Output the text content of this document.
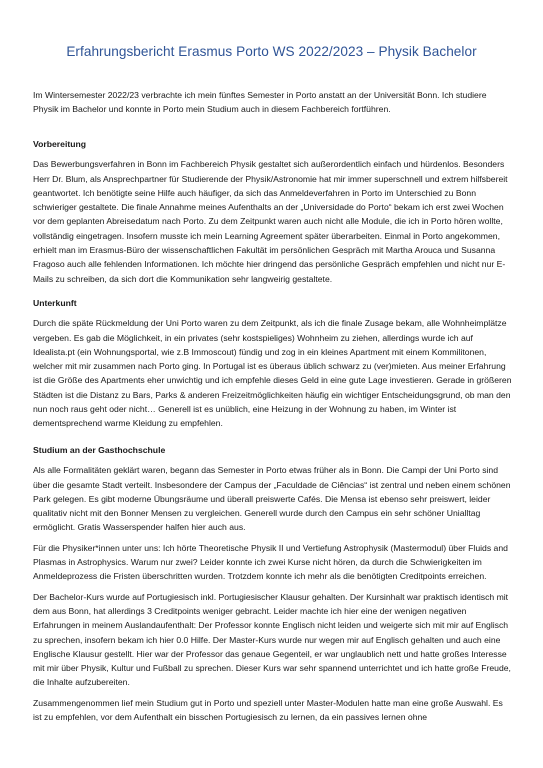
Erfahrungsbericht Erasmus Porto WS 2022/2023 – Physik Bachelor

Im Wintersemester 2022/23 verbrachte ich mein fünftes Semester in Porto anstatt an der Universität Bonn. Ich studiere Physik im Bachelor und konnte in Porto mein Studium auch in diesem Fachbereich fortführen.

Vorbereitung

Das Bewerbungsverfahren in Bonn im Fachbereich Physik gestaltet sich außerordentlich einfach und hürdenlos. Besonders Herr Dr. Blum, als Ansprechpartner für Studierende der Physik/Astronomie hat mir immer superschnell und extrem hilfsbereit geantwortet. Ich benötigte seine Hilfe auch häufiger, da sich das Anmeldeverfahren in Porto im Unterschied zu Bonn schwieriger gestaltete. Die finale Annahme meines Aufenthalts an der „Universidade do Porto“ bekam ich erst zwei Wochen vor dem geplanten Abreisedatum nach Porto. Zu dem Zeitpunkt waren auch nicht alle Module, die ich in Porto hören wollte, vollständig eingetragen. Insofern musste ich mein Learning Agreement später überarbeiten. Einmal in Porto angekommen, erhielt man im Erasmus-Büro der wissenschaftlichen Fakultät im persönlichen Gespräch mit Martha Arouca und Susanna Fragoso auch alle fehlenden Informationen. Ich möchte hier dringend das persönliche Gespräch empfehlen und nicht nur E-Mails zu schreiben, da sich dort die Kommunikation sehr langweirig gestaltete.

Unterkunft

Durch die späte Rückmeldung der Uni Porto waren zu dem Zeitpunkt, als ich die finale Zusage bekam, alle Wohnheimplätze vergeben. Es gab die Möglichkeit, in ein privates (sehr kostspieliges) Wohnheim zu ziehen, allerdings wurde ich auf Idealista.pt (ein Wohnungsportal, wie z.B Immoscout) fündig und zog in ein kleines Apartment mit einem Kommilitonen, welcher mit mir zusammen nach Porto ging. In Portugal ist es überaus üblich schwarz zu (ver)mieten. Aus meiner Erfahrung ist die Größe des Apartments eher unwichtig und ich empfehle dieses Geld in eine gute Lage investieren. Gerade in größeren Städten ist die Distanz zu Bars, Parks & anderen Freizeitmöglichkeiten häufig ein wichtiger Entscheidungsgrund, ob man den nun noch raus geht oder nicht… Generell ist es unüblich, eine Heizung in der Wohnung zu haben, im Winter ist dementsprechend warme Kleidung zu empfehlen.

Studium an der Gasthochschule

Als alle Formalitäten geklärt waren, begann das Semester in Porto etwas früher als in Bonn. Die Campi der Uni Porto sind über die gesamte Stadt verteilt. Insbesondere der Campus der „Faculdade de Ciências“ ist zentral und neben einem schönen Park gelegen. Es gibt moderne Übungsräume und überall preiswerte Cafés. Die Mensa ist ebenso sehr preiswert, leider qualitativ nicht mit den Bonner Mensen zu vergleichen. Generell wurde durch den Campus ein sehr schöner Unialltag ermöglicht. Gratis Wasserspender halfen hier auch aus.

Für die Physiker*innen unter uns: Ich hörte Theoretische Physik II und Vertiefung Astrophysik (Mastermodul) über Fluids and Plasmas in Astrophysics. Warum nur zwei? Leider konnte ich zwei Kurse nicht hören, da durch die Schwierigkeiten im Anmeldeprozess die Fristen überschritten wurden. Trotzdem konnte ich mehr als die benötigten Creditpoints erreichen.

Der Bachelor-Kurs wurde auf Portugiesisch inkl. Portugiesischer Klausur gehalten. Der Kursinhalt war praktisch identisch mit dem aus Bonn, hat allerdings 3 Creditpoints weniger gebracht. Leider machte ich hier eine der wenigen negativen Erfahrungen in meinem Auslandaufenthalt: Der Professor konnte Englisch nicht leiden und weigerte sich mit mir auf Englisch zu sprechen, insofern bekam ich hier 0.0 Hilfe. Der Master-Kurs wurde nur wegen mir auf Englisch gehalten und auch eine Englische Klausur gestellt. Hier war der Professor das genaue Gegenteil, er war unglaublich nett und hatte großes Interesse mit mir über Physik, Kultur und Fußball zu sprechen. Dieser Kurs war sehr spannend unterrichtet und ich hatte große Freude, die Inhalte aufzubereiten.

Zusammengenommen lief mein Studium gut in Porto und speziell unter Master-Modulen hatte man eine große Auswahl. Es ist zu empfehlen, vor dem Aufenthalt ein bisschen Portugiesisch zu lernen, da ein passives lernen ohne
